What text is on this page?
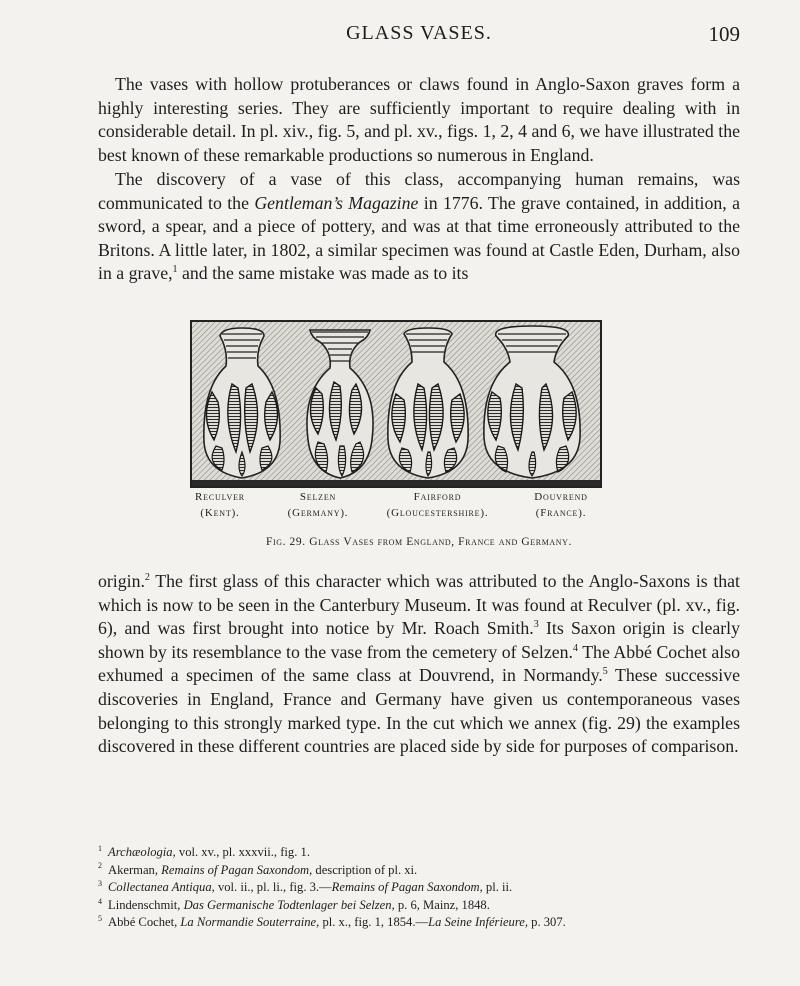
GLASS VASES.	109

The vases with hollow protuberances or claws found in Anglo-Saxon graves form a highly interesting series. They are sufficiently important to require dealing with in considerable detail. In pl. xiv., fig. 5, and pl. xv., figs. 1, 2, 4 and 6, we have illustrated the best known of these remarkable productions so numerous in England.

The discovery of a vase of this class, accompanying human remains, was communicated to the Gentleman’s Magazine in 1776. The grave contained, in addition, a sword, a spear, and a piece of pottery, and was at that time erroneously attributed to the Britons. A little later, in 1802, a similar specimen was found at Castle Eden, Durham, also in a grave,$^1$ and the same mistake was made as to its

Reculver
(Kent).
Selzen
(Germany).
Fairford
(Gloucestershire).
Douvrend
(France).
Fig. 29. Glass Vases from England, France and Germany.

origin.$^2$ The first glass of this character which was attributed to the Anglo-Saxons is that which is now to be seen in the Canterbury Museum. It was found at Reculver (pl. xv., fig. 6), and was first brought into notice by Mr. Roach Smith.$^3$ Its Saxon origin is clearly shown by its resemblance to the vase from the cemetery of Selzen.$^4$ The Abbé Cochet also exhumed a specimen of the same class at Douvrend, in Normandy.$^5$ These successive discoveries in England, France and Germany have given us contemporaneous vases belonging to this strongly marked type. In the cut which we annex (fig. 29) the examples discovered in these different countries are placed side by side for purposes of comparison.

$^1$ Archæologia, vol. xv., pl. xxxvii., fig. 1.
$^2$ Akerman, Remains of Pagan Saxondom, description of pl. xi.
$^3$ Collectanea Antiqua, vol. ii., pl. li., fig. 3.—Remains of Pagan Saxondom, pl. ii.
$^4$ Lindenschmit, Das Germanische Todtenlager bei Selzen, p. 6, Mainz, 1848.
$^5$ Abbé Cochet, La Normandie Souterraine, pl. x., fig. 1, 1854.—La Seine Inférieure, p. 307.
